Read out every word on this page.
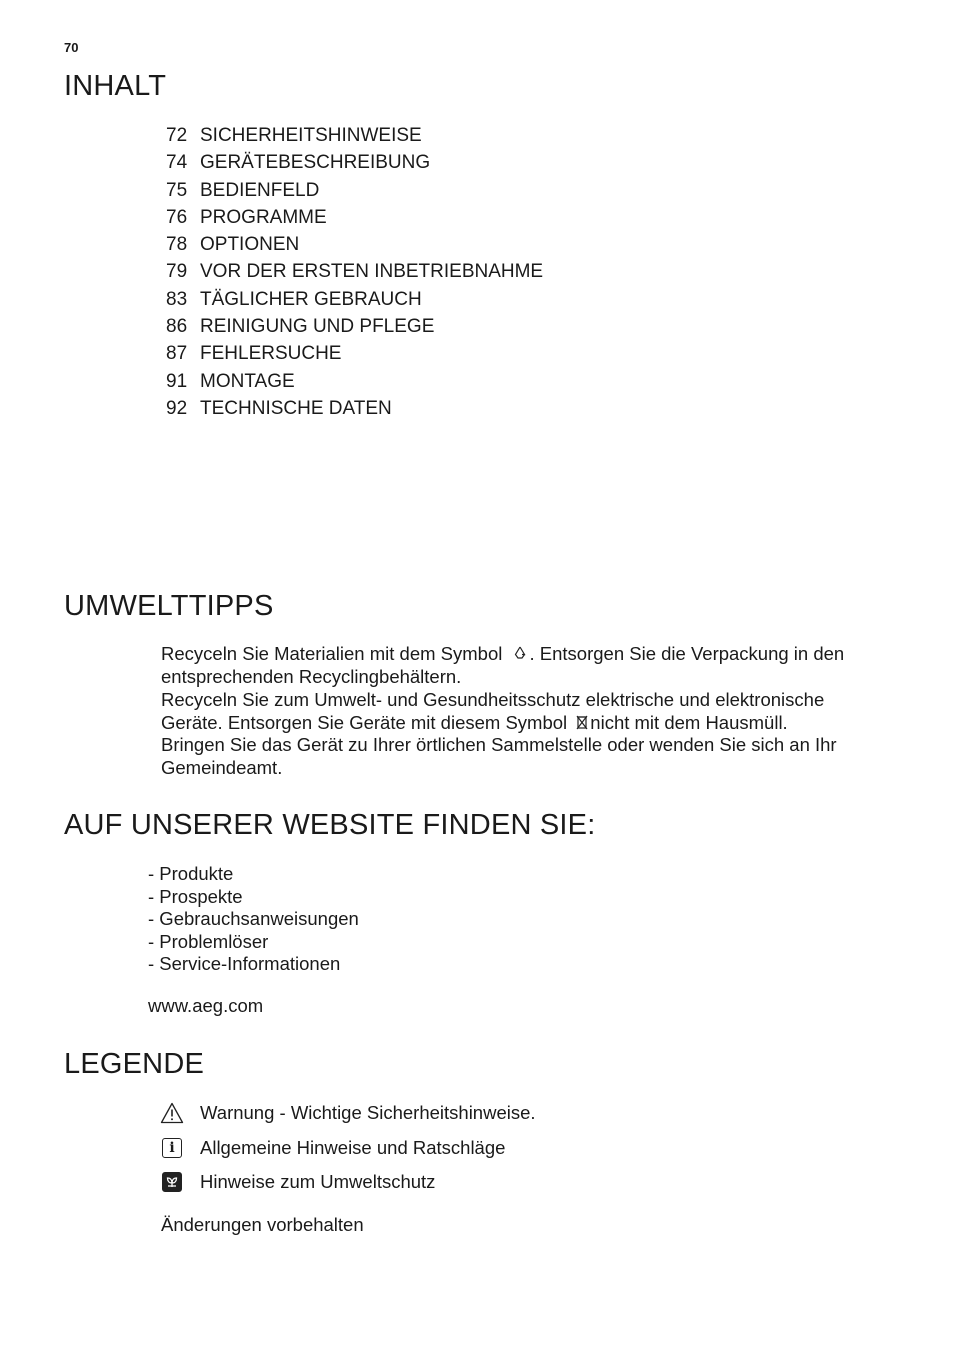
70
INHALT
72 SICHERHEITSHINWEISE
74 GERÄTEBESCHREIBUNG
75 BEDIENFELD
76 PROGRAMME
78 OPTIONEN
79 VOR DER ERSTEN INBETRIEBNAHME
83 TÄGLICHER GEBRAUCH
86 REINIGUNG UND PFLEGE
87 FEHLERSUCHE
91 MONTAGE
92 TECHNISCHE DATEN
UMWELTTIPPS
Recyceln Sie Materialien mit dem Symbol . Entsorgen Sie die Verpackung in den
entsprechenden Recyclingbehältern.
Recyceln Sie zum Umwelt- und Gesundheitsschutz elektrische und elektronische
Geräte. Entsorgen Sie Geräte mit diesem Symbol nicht mit dem Hausmüll.
Bringen Sie das Gerät zu Ihrer örtlichen Sammelstelle oder wenden Sie sich an Ihr
Gemeindeamt.
AUF UNSERER WEBSITE FINDEN SIE:
- Produkte
- Prospekte
- Gebrauchsanweisungen
- Problemlöser
- Service-Informationen
www.aeg.com
LEGENDE
Warnung - Wichtige Sicherheitshinweise.
i	Allgemeine Hinweise und Ratschläge
Hinweise zum Umweltschutz
Änderungen vorbehalten
